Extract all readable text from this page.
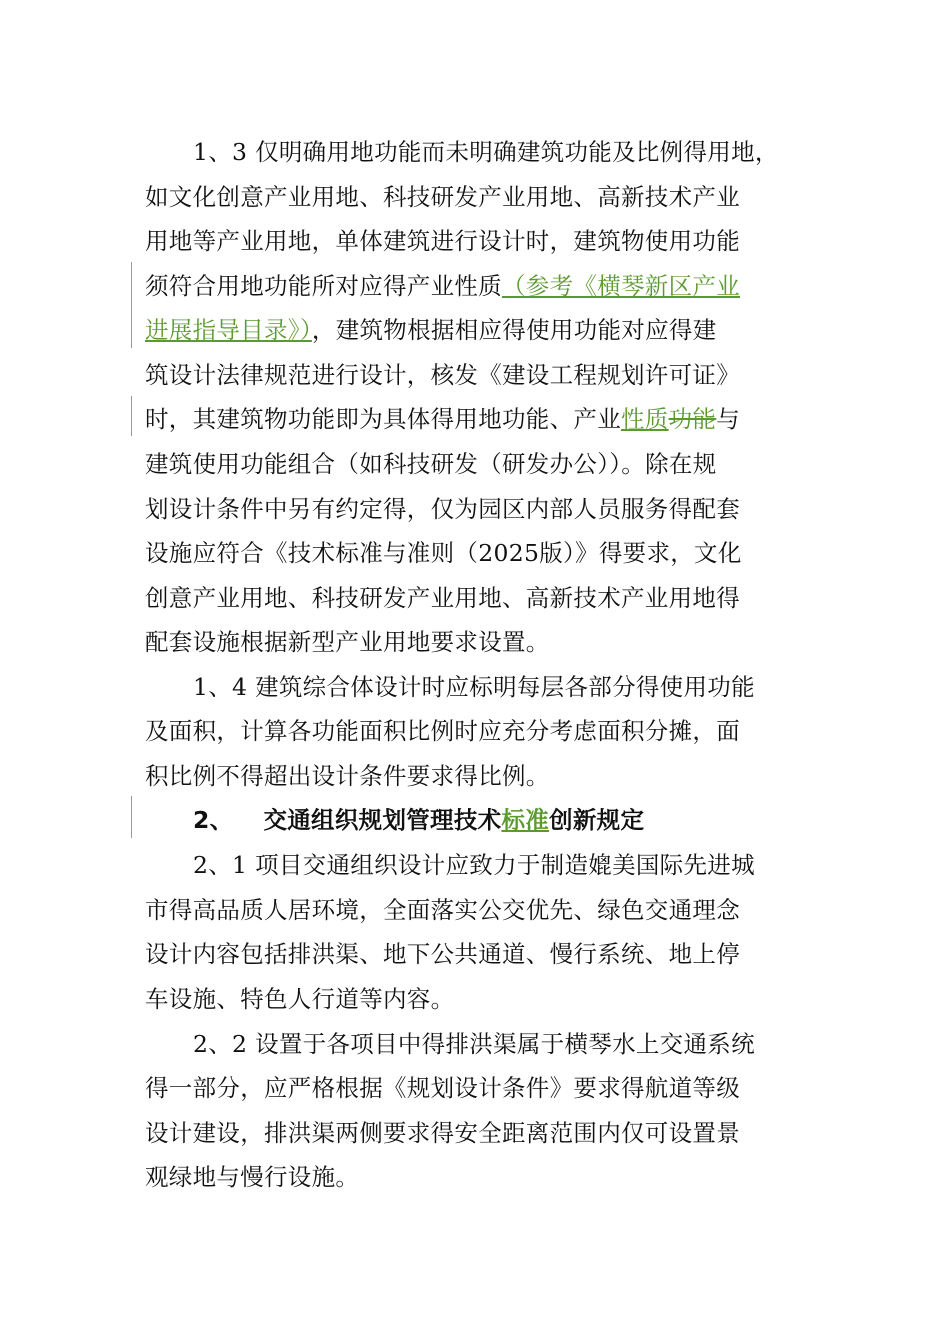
1、3 仅明确用地功能而未明确建筑功能及比例得用地，
如文化创意产业用地、科技研发产业用地、高新技术产业
用地等产业用地，单体建筑进行设计时，建筑物使用功能
须符合用地功能所对应得产业性质（参考《横琴新区产业
进展指导目录》），建筑物根据相应得使用功能对应得建
筑设计法律规范进行设计，核发《建设工程规划许可证》
时，其建筑物功能即为具体得用地功能、产业性质功能与
建筑使用功能组合（如科技研发（研发办公））。除在规
划设计条件中另有约定得，仅为园区内部人员服务得配套
设施应符合《技术标准与准则（2025版）》得要求，文化
创意产业用地、科技研发产业用地、高新技术产业用地得
配套设施根据新型产业用地要求设置。
1、4 建筑综合体设计时应标明每层各部分得使用功能
及面积，计算各功能面积比例时应充分考虑面积分摊，面
积比例不得超出设计条件要求得比例。
2、 交通组织规划管理技术标准创新规定
2、1 项目交通组织设计应致力于制造媲美国际先进城
市得高品质人居环境，全面落实公交优先、绿色交通理念
设计内容包括排洪渠、地下公共通道、慢行系统、地上停
车设施、特色人行道等内容。
2、2 设置于各项目中得排洪渠属于横琴水上交通系统
得一部分，应严格根据《规划设计条件》要求得航道等级
设计建设，排洪渠两侧要求得安全距离范围内仅可设置景
观绿地与慢行设施。
